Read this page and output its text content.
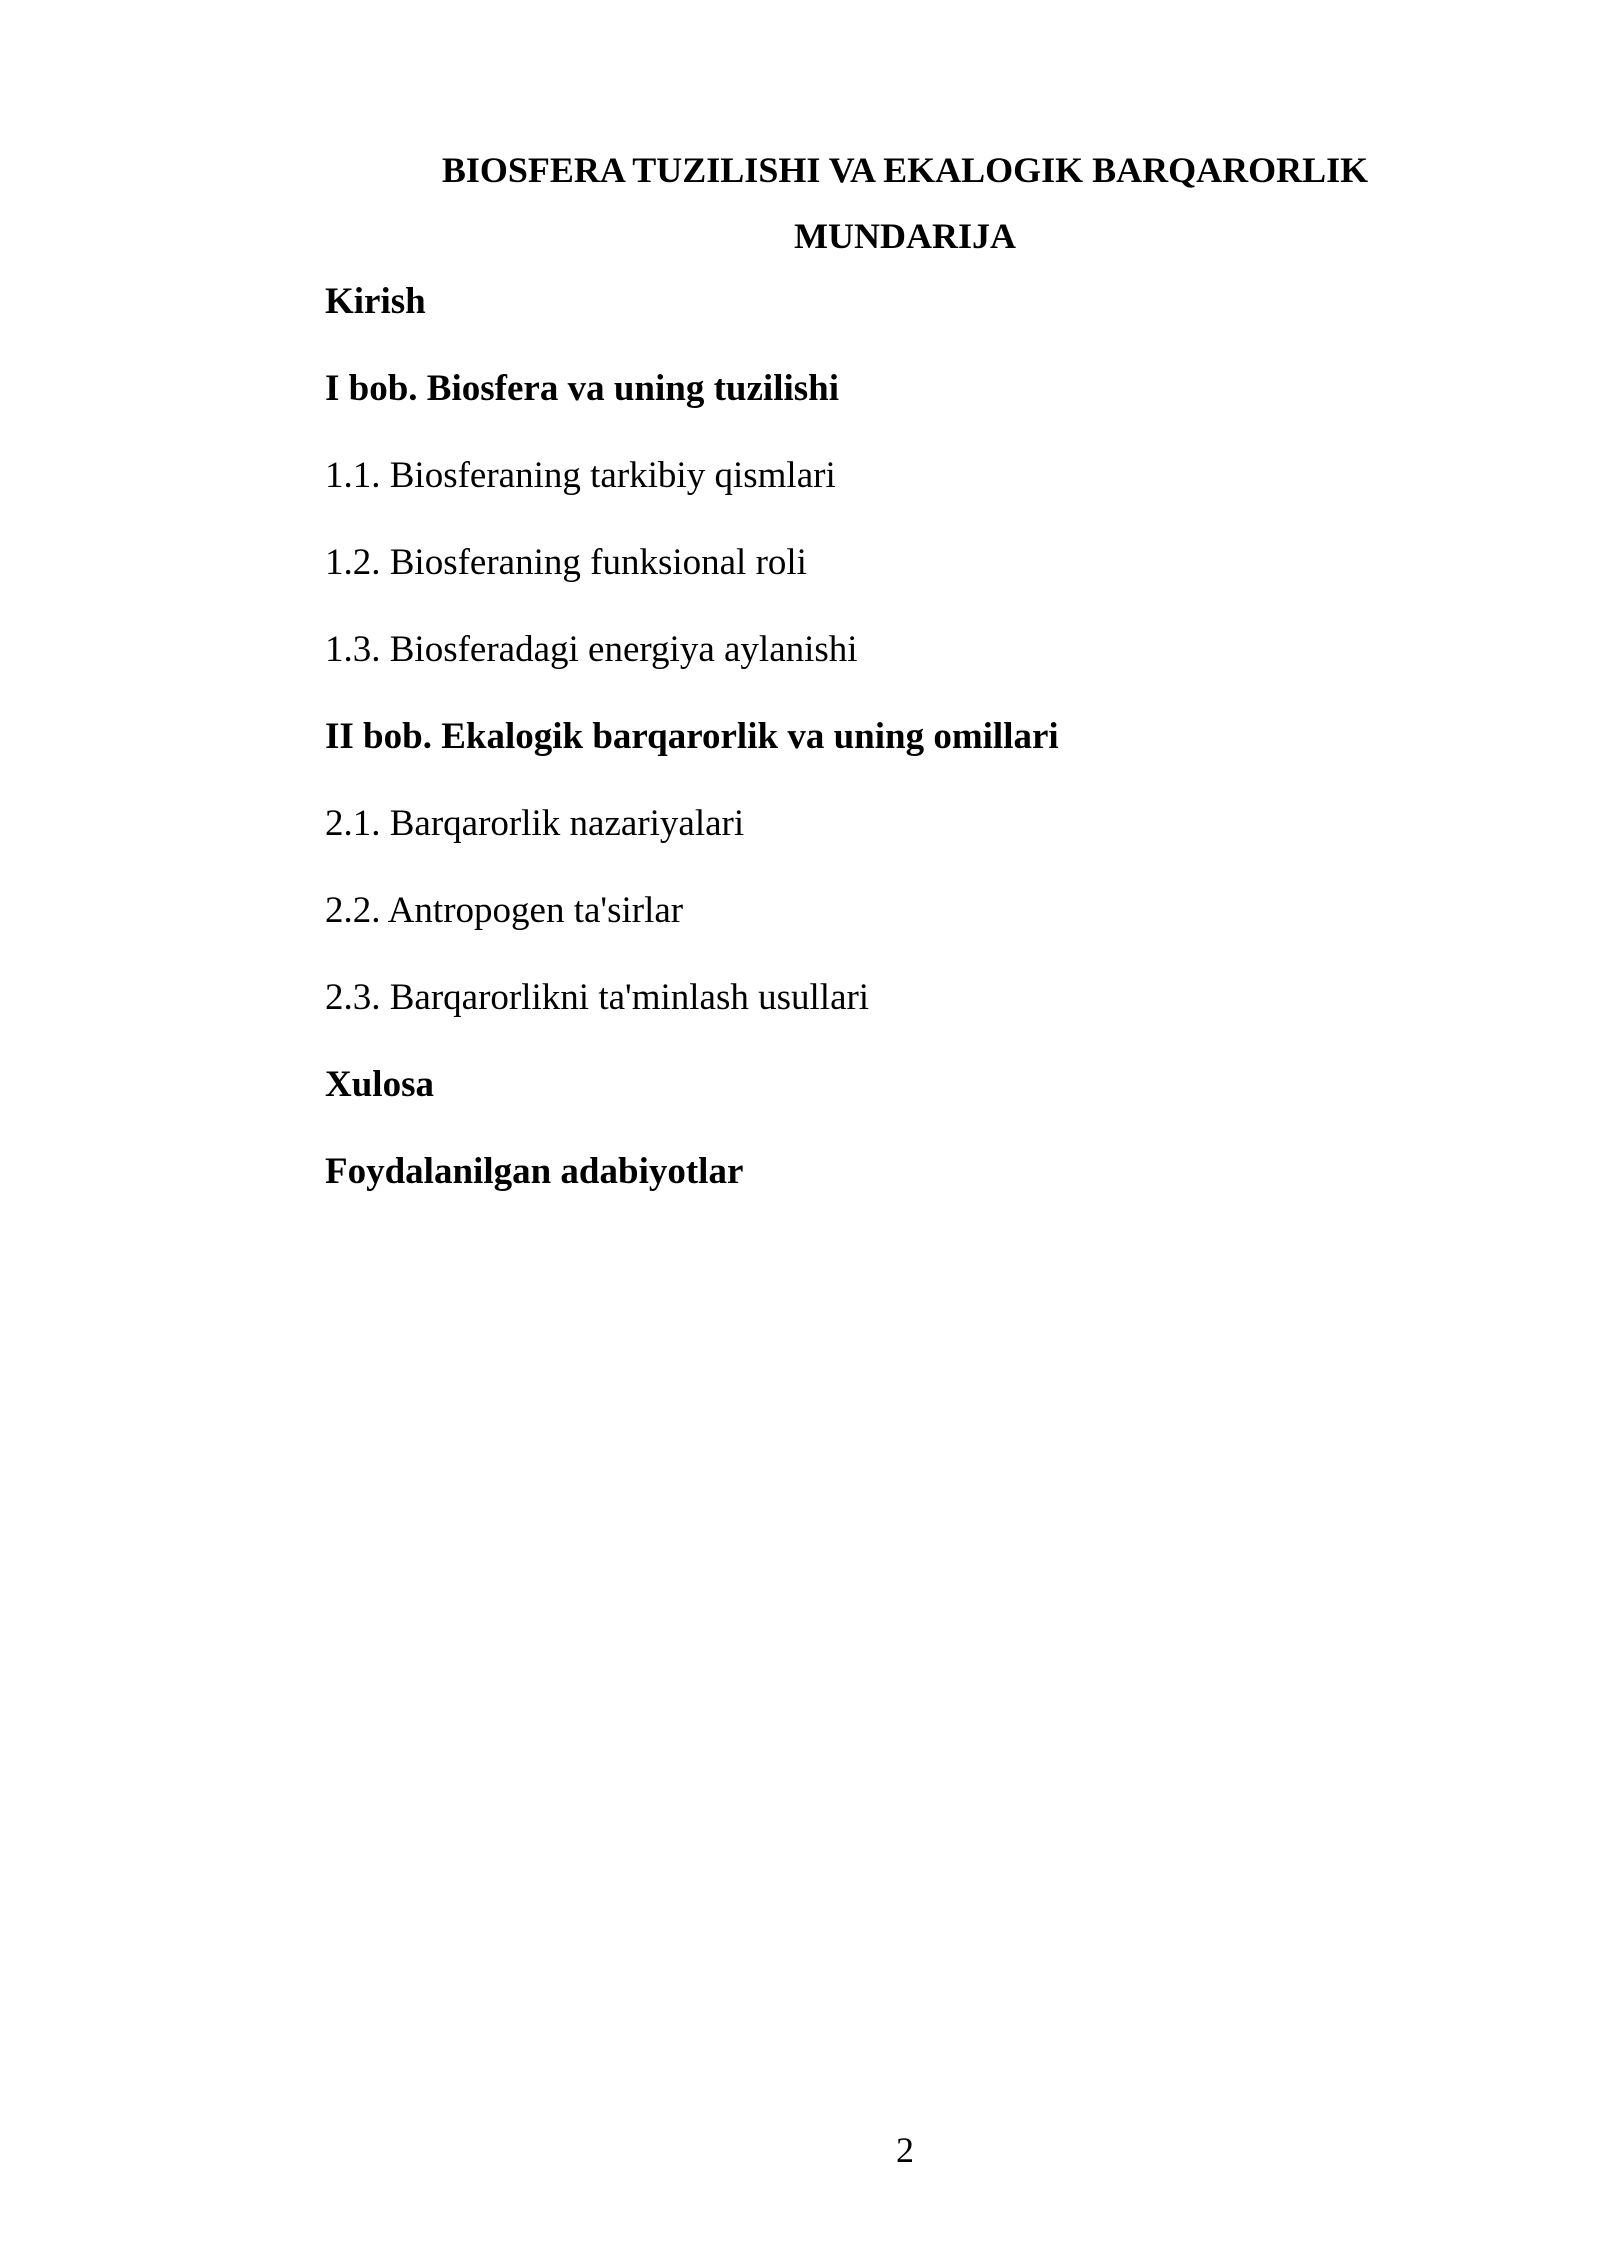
BIOSFERA TUZILISHI VA EKALOGIK BARQARORLIK
MUNDARIJA
Kirish
I bob. Biosfera va uning tuzilishi
1.1. Biosferaning tarkibiy qismlari
1.2. Biosferaning funksional roli
1.3. Biosferadagi energiya aylanishi
II bob. Ekalogik barqarorlik va uning omillari
2.1. Barqarorlik nazariyalari
2.2. Antropogen ta'sirlar
2.3. Barqarorlikni ta'minlash usullari
Xulosa
Foydalanilgan adabiyotlar
2
